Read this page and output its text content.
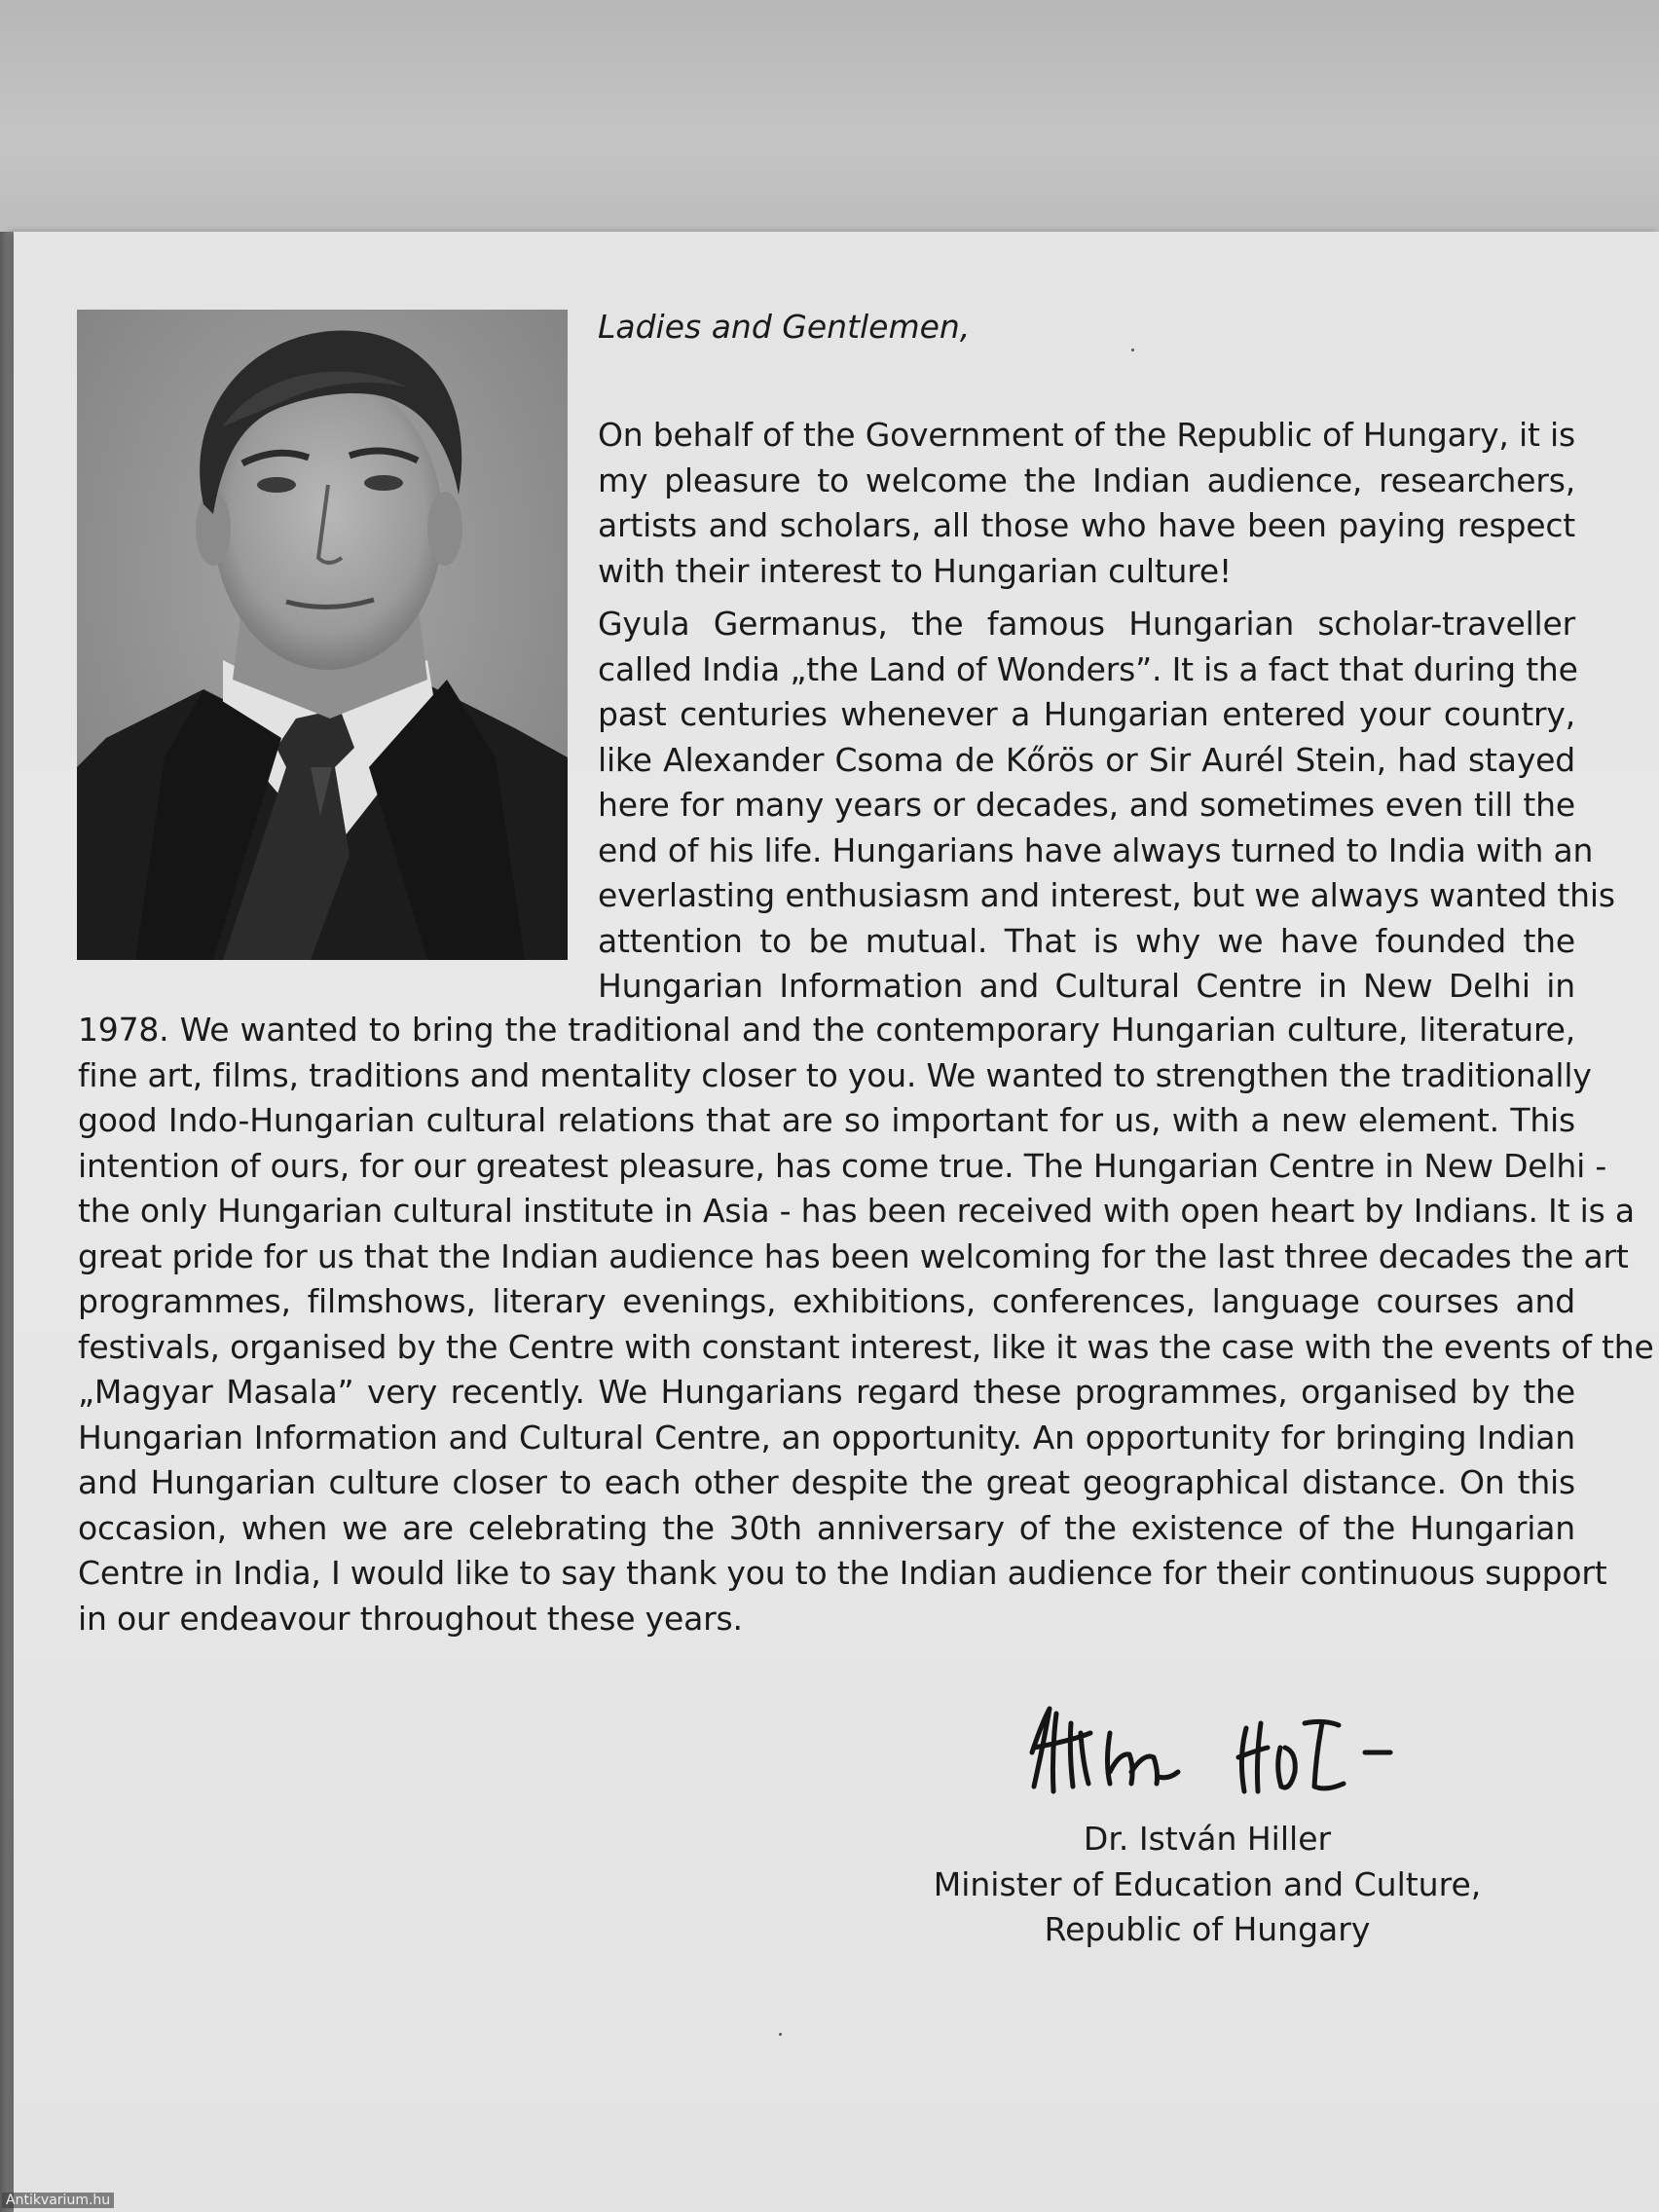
Ladies and Gentlemen,
On behalf of the Government of the Republic of Hungary, it is
my pleasure to welcome the Indian audience, researchers,
artists and scholars, all those who have been paying respect
with their interest to Hungarian culture!
Gyula Germanus, the famous Hungarian scholar-traveller
called India „the Land of Wonders”. It is a fact that during the
past centuries whenever a Hungarian entered your country,
like Alexander Csoma de Kőrös or Sir Aurél Stein, had stayed
here for many years or decades, and sometimes even till the
end of his life. Hungarians have always turned to India with an
everlasting enthusiasm and interest, but we always wanted this
attention to be mutual. That is why we have founded the
Hungarian Information and Cultural Centre in New Delhi in
1978. We wanted to bring the traditional and the contemporary Hungarian culture, literature,
fine art, films, traditions and mentality closer to you. We wanted to strengthen the traditionally
good Indo-Hungarian cultural relations that are so important for us, with a new element. This
intention of ours, for our greatest pleasure, has come true. The Hungarian Centre in New Delhi -
the only Hungarian cultural institute in Asia - has been received with open heart by Indians. It is a
great pride for us that the Indian audience has been welcoming for the last three decades the art
programmes, filmshows, literary evenings, exhibitions, conferences, language courses and
festivals, organised by the Centre with constant interest, like it was the case with the events of the
„Magyar Masala” very recently. We Hungarians regard these programmes, organised by the
Hungarian Information and Cultural Centre, an opportunity. An opportunity for bringing Indian
and Hungarian culture closer to each other despite the great geographical distance. On this
occasion, when we are celebrating the 30th anniversary of the existence of the Hungarian
Centre in India, I would like to say thank you to the Indian audience for their continuous support
in our endeavour throughout these years.
Dr. István Hiller
Minister of Education and Culture,
Republic of Hungary
Antikvarium.hu
